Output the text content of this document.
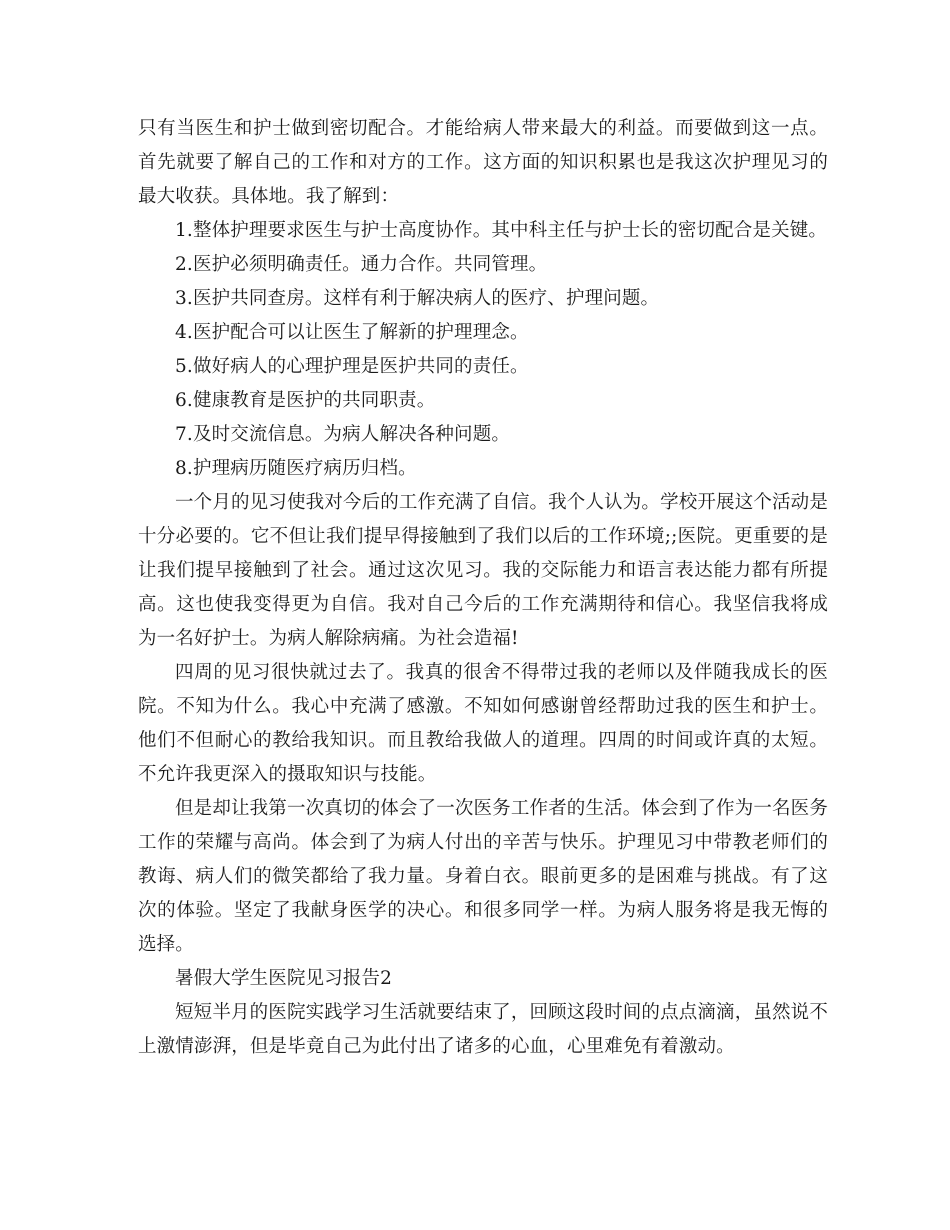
只有当医生和护士做到密切配合。才能给病人带来最大的利益。而要做到这一点。首先就要了解自己的工作和对方的工作。这方面的知识积累也是我这次护理见习的最大收获。具体地。我了解到：

1.整体护理要求医生与护士高度协作。其中科主任与护士长的密切配合是关键。

2.医护必须明确责任。通力合作。共同管理。

3.医护共同查房。这样有利于解决病人的医疗、护理问题。

4.医护配合可以让医生了解新的护理理念。

5.做好病人的心理护理是医护共同的责任。

6.健康教育是医护的共同职责。

7.及时交流信息。为病人解决各种问题。

8.护理病历随医疗病历归档。

一个月的见习使我对今后的工作充满了自信。我个人认为。学校开展这个活动是十分必要的。它不但让我们提早得接触到了我们以后的工作环境;;医院。更重要的是让我们提早接触到了社会。通过这次见习。我的交际能力和语言表达能力都有所提高。这也使我变得更为自信。我对自己今后的工作充满期待和信心。我坚信我将成为一名好护士。为病人解除病痛。为社会造福!

四周的见习很快就过去了。我真的很舍不得带过我的老师以及伴随我成长的医院。不知为什么。我心中充满了感激。不知如何感谢曾经帮助过我的医生和护士。他们不但耐心的教给我知识。而且教给我做人的道理。四周的时间或许真的太短。不允许我更深入的摄取知识与技能。

但是却让我第一次真切的体会了一次医务工作者的生活。体会到了作为一名医务工作的荣耀与高尚。体会到了为病人付出的辛苦与快乐。护理见习中带教老师们的教诲、病人们的微笑都给了我力量。身着白衣。眼前更多的是困难与挑战。有了这次的体验。坚定了我献身医学的决心。和很多同学一样。为病人服务将是我无悔的选择。

暑假大学生医院见习报告2

短短半月的医院实践学习生活就要结束了，回顾这段时间的点点滴滴，虽然说不上激情澎湃，但是毕竟自己为此付出了诸多的心血，心里难免有着激动。
